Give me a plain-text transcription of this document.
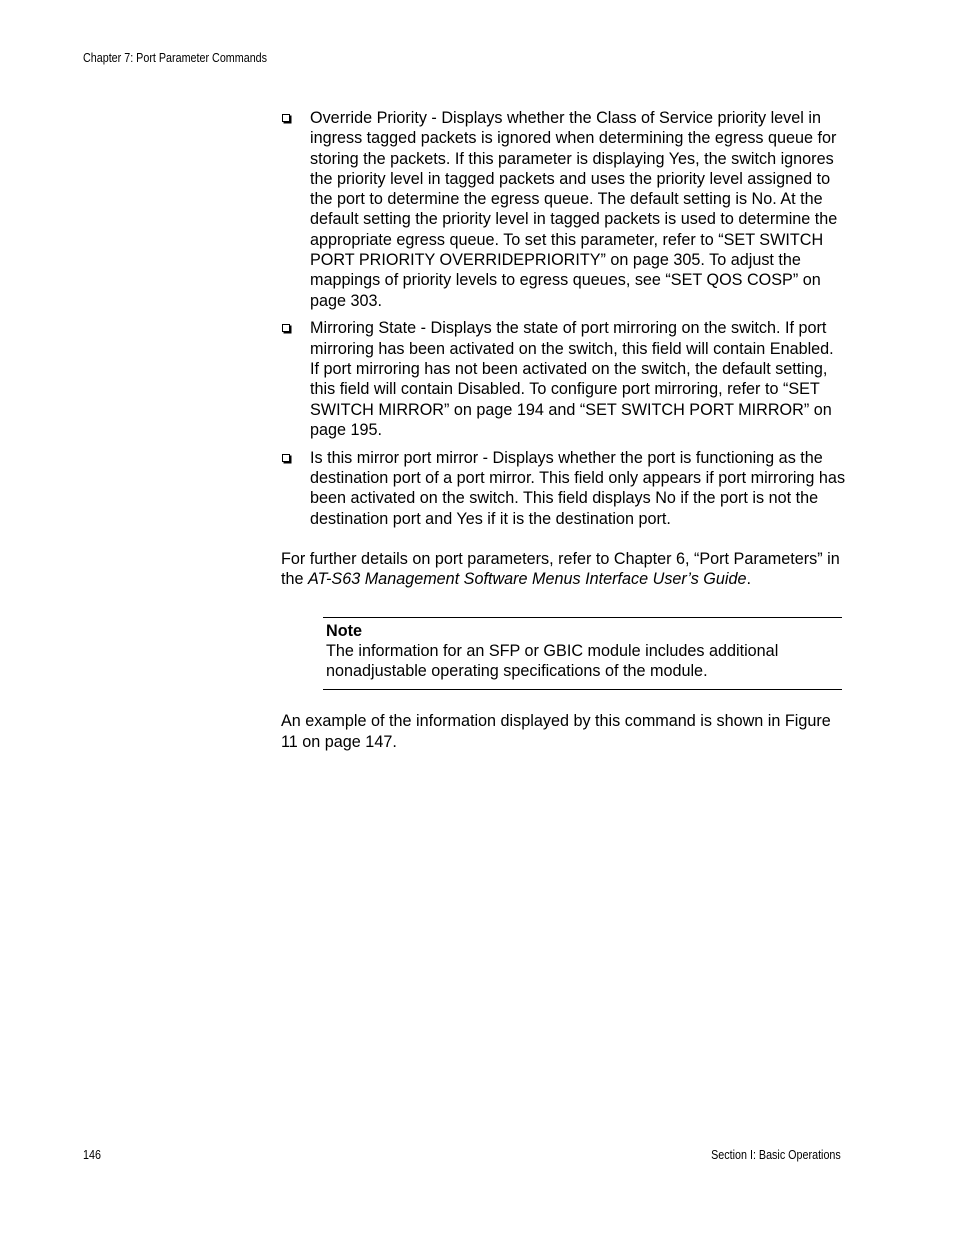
Chapter 7: Port Parameter Commands
Override Priority - Displays whether the Class of Service priority level in ingress tagged packets is ignored when determining the egress queue for storing the packets. If this parameter is displaying Yes, the switch ignores the priority level in tagged packets and uses the priority level assigned to the port to determine the egress queue. The default setting is No. At the default setting the priority level in tagged packets is used to determine the appropriate egress queue. To set this parameter, refer to “SET SWITCH PORT PRIORITY OVERRIDEPRIORITY” on page 305. To adjust the mappings of priority levels to egress queues, see “SET QOS COSP” on page 303.
Mirroring State - Displays the state of port mirroring on the switch. If port mirroring has been activated on the switch, this field will contain Enabled. If port mirroring has not been activated on the switch, the default setting, this field will contain Disabled. To configure port mirroring, refer to “SET SWITCH MIRROR” on page 194 and “SET SWITCH PORT MIRROR” on page 195.
Is this mirror port mirror - Displays whether the port is functioning as the destination port of a port mirror. This field only appears if port mirroring has been activated on the switch. This field displays No if the port is not the destination port and Yes if it is the destination port.

For further details on port parameters, refer to Chapter 6, “Port Parameters” in the AT-S63 Management Software Menus Interface User’s Guide.

Note
The information for an SFP or GBIC module includes additional nonadjustable operating specifications of the module.

An example of the information displayed by this command is shown in Figure 11 on page 147.

146	Section I: Basic Operations
